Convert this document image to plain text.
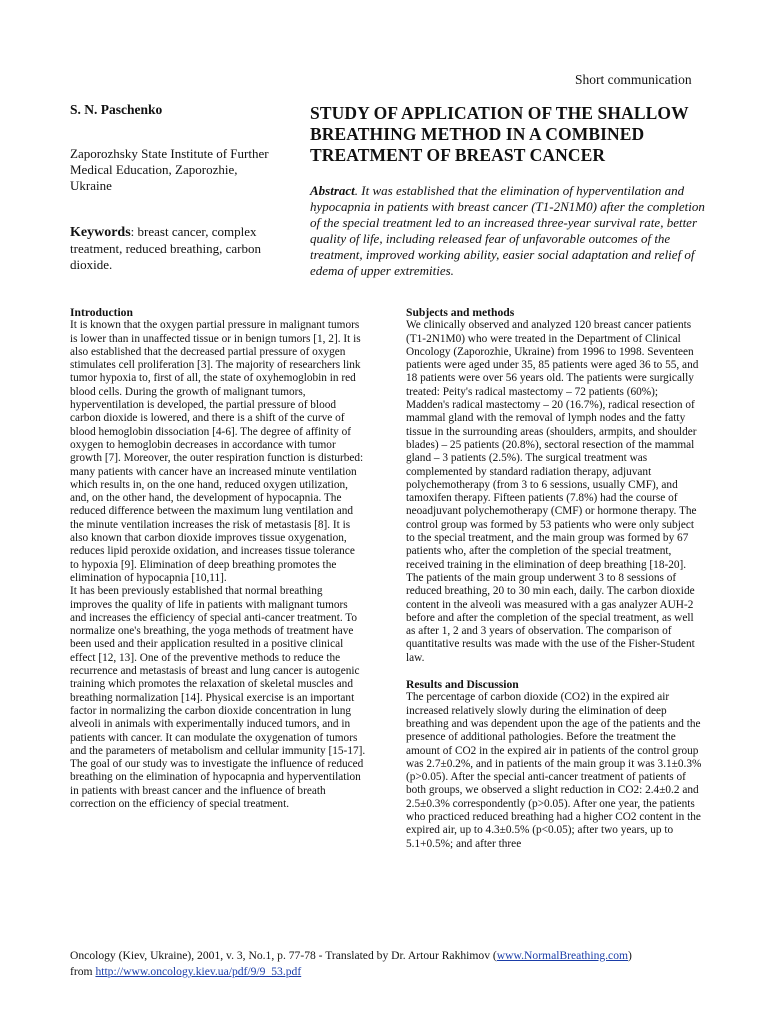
Short communication
S. N. Paschenko
Zaporozhsky State Institute of Further Medical Education, Zaporozhie, Ukraine
Keywords: breast cancer, complex treatment, reduced breathing, carbon dioxide.
STUDY OF APPLICATION OF THE SHALLOW BREATHING METHOD IN A COMBINED TREATMENT OF BREAST CANCER
Abstract. It was established that the elimination of hyperventilation and hypocapnia in patients with breast cancer (T1-2N1M0) after the completion of the special treatment led to an increased three-year survival rate, better quality of life, including released fear of unfavorable outcomes of the treatment, improved working ability, easier social adaptation and relief of edema of upper extremities.
Introduction

It is known that the oxygen partial pressure in malignant tumors is lower than in unaffected tissue or in benign tumors [1, 2]. It is also established that the decreased partial pressure of oxygen stimulates cell proliferation [3]. The majority of researchers link tumor hypoxia to, first of all, the state of oxyhemoglobin in red blood cells. During the growth of malignant tumors, hyperventilation is developed, the partial pressure of blood carbon dioxide is lowered, and there is a shift of the curve of blood hemoglobin dissociation [4-6]. The degree of affinity of oxygen to hemoglobin decreases in accordance with tumor growth [7]. Moreover, the outer respiration function is disturbed: many patients with cancer have an increased minute ventilation which results in, on the one hand, reduced oxygen utilization, and, on the other hand, the development of hypocapnia. The reduced difference between the maximum lung ventilation and the minute ventilation increases the risk of metastasis [8]. It is also known that carbon dioxide improves tissue oxygenation, reduces lipid peroxide oxidation, and increases tissue tolerance to hypoxia [9]. Elimination of deep breathing promotes the elimination of hypocapnia [10,11].

It has been previously established that normal breathing improves the quality of life in patients with malignant tumors and increases the efficiency of special anti-cancer treatment. To normalize one's breathing, the yoga methods of treatment have been used and their application resulted in a positive clinical effect [12, 13]. One of the preventive methods to reduce the recurrence and metastasis of breast and lung cancer is autogenic training which promotes the relaxation of skeletal muscles and breathing normalization [14]. Physical exercise is an important factor in normalizing the carbon dioxide concentration in lung alveoli in animals with experimentally induced tumors, and in patients with cancer. It can modulate the oxygenation of tumors and the parameters of metabolism and cellular immunity [15-17].

The goal of our study was to investigate the influence of reduced breathing on the elimination of hypocapnia and hyperventilation in patients with breast cancer and the influence of breath correction on the efficiency of special treatment.

Subjects and methods

We clinically observed and analyzed 120 breast cancer patients (T1-2N1M0) who were treated in the Department of Clinical Oncology (Zaporozhie, Ukraine) from 1996 to 1998. Seventeen patients were aged under 35, 85 patients were aged 36 to 55, and 18 patients were over 56 years old. The patients were surgically treated: Peity's radical mastectomy – 72 patients (60%); Madden's radical mastectomy – 20 (16.7%), radical resection of mammal gland with the removal of lymph nodes and the fatty tissue in the surrounding areas (shoulders, armpits, and shoulder blades) – 25 patients (20.8%), sectoral resection of the mammal gland – 3 patients (2.5%). The surgical treatment was complemented by standard radiation therapy, adjuvant polychemotherapy (from 3 to 6 sessions, usually CMF), and tamoxifen therapy. Fifteen patients (7.8%) had the course of neoadjuvant polychemotherapy (CMF) or hormone therapy. The control group was formed by 53 patients who were only subject to the special treatment, and the main group was formed by 67 patients who, after the completion of the special treatment, received training in the elimination of deep breathing [18-20]. The patients of the main group underwent 3 to 8 sessions of reduced breathing, 20 to 30 min each, daily. The carbon dioxide content in the alveoli was measured with a gas analyzer AUH-2 before and after the completion of the special treatment, as well as after 1, 2 and 3 years of observation. The comparison of quantitative results was made with the use of the Fisher-Student law.

Results and Discussion

The percentage of carbon dioxide (CO2) in the expired air increased relatively slowly during the elimination of deep breathing and was dependent upon the age of the patients and the presence of additional pathologies. Before the treatment the amount of CO2 in the expired air in patients of the control group was 2.7±0.2%, and in patients of the main group it was 3.1±0.3% (p>0.05). After the special anti-cancer treatment of patients of both groups, we observed a slight reduction in CO2: 2.4±0.2 and 2.5±0.3% correspondently (p>0.05). After one year, the patients who practiced reduced breathing had a higher CO2 content in the expired air, up to 4.3±0.5% (p<0.05); after two years, up to 5.1+0.5%; and after three

Oncology (Kiev, Ukraine), 2001, v. 3, No.1, p. 77-78 - Translated by Dr. Artour Rakhimov (www.NormalBreathing.com)
from http://www.oncology.kiev.ua/pdf/9/9_53.pdf
